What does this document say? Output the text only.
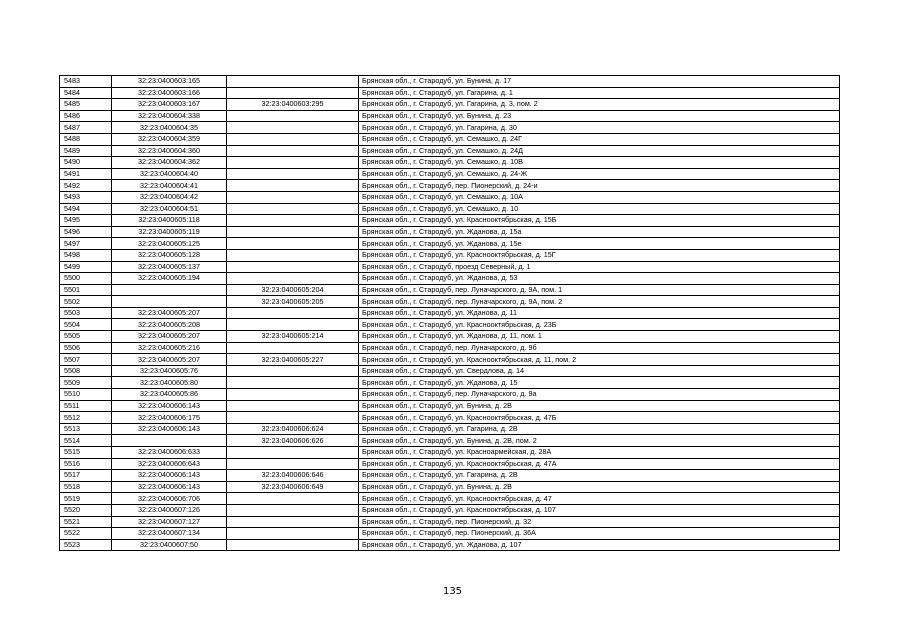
5483	32:23:0400603:165		Брянская обл., г. Стародуб, ул. Бунина, д. 17
5484	32:23:0400603:166		Брянская обл., г. Стародуб, ул. Гагарина, д. 1
5485	32:23:0400603:167	32:23:0400603:295	Брянская обл., г. Стародуб, ул. Гагарина, д. 3, пом. 2
5486	32:23:0400604:338		Брянская обл., г. Стародуб, ул. Бунина, д. 23
5487	32:23:0400604:35		Брянская обл., г. Стародуб, ул. Гагарина, д. 30
5488	32:23:0400604:359		Брянская обл., г. Стародуб, ул. Семашко, д. 24Г
5489	32:23:0400604:360		Брянская обл., г. Стародуб, ул. Семашко, д. 24Д
5490	32:23:0400604:362		Брянская обл., г. Стародуб, ул. Семашко, д. 10В
5491	32:23:0400604:40		Брянская обл., г. Стародуб, ул. Семашко, д. 24-Ж
5492	32:23:0400604:41		Брянская обл., г. Стародуб, пер. Пионерский, д. 24-и
5493	32:23:0400604:42		Брянская обл., г. Стародуб, ул. Семашко, д. 10А
5494	32:23:0400604:51		Брянская обл., г. Стародуб, ул. Семашко, д. 10
5495	32:23:0400605:118		Брянская обл., г. Стародуб, ул. Краснооктябрьская, д. 15Б
5496	32:23:0400605:119		Брянская обл., г. Стародуб, ул. Жданова, д. 15а
5497	32:23:0400605:125		Брянская обл., г. Стародуб, ул. Жданова, д. 15е
5498	32:23:0400605:128		Брянская обл., г. Стародуб, ул. Краснооктябрьская, д. 15Г
5499	32:23:0400605:137		Брянская обл., г. Стародуб, проезд Северный, д. 1
5500	32:23:0400605:194		Брянская обл., г. Стародуб, ул. Жданова, д. 53
5501		32:23:0400605:204	Брянская обл., г. Стародуб, пер. Луначарского, д. 9А, пом. 1
5502		32:23:0400605:205	Брянская обл., г. Стародуб, пер. Луначарского, д. 9А, пом. 2
5503	32:23:0400605:207		Брянская обл., г. Стародуб, ул. Жданова, д. 11
5504	32:23:0400605:208		Брянская обл., г. Стародуб, ул. Краснооктябрьская, д. 23Б
5505	32:23:0400605:207	32:23:0400605:214	Брянская обл., г. Стародуб, ул. Жданова, д. 11, пом. 1
5506	32:23:0400605:216		Брянская обл., г. Стародуб, пер. Луначарского, д. 9б
5507	32:23:0400605:207	32:23:0400605:227	Брянская обл., г. Стародуб, ул. Краснооктябрьская, д. 11, пом. 2
5508	32:23:0400605:76		Брянская обл., г. Стародуб, ул. Свердлова, д. 14
5509	32:23:0400605:80		Брянская обл., г. Стародуб, ул. Жданова, д. 15
5510	32:23:0400605:86		Брянская обл., г. Стародуб, пер. Луначарского, д. 9а
5511	32:23:0400606:143		Брянская обл., г. Стародуб, ул. Бунина, д. 2В
5512	32:23:0400606:175		Брянская обл., г. Стародуб, ул. Краснооктябрьская, д. 47Б
5513	32:23:0400606:143	32:23:0400606:624	Брянская обл., г. Стародуб, ул. Гагарина, д. 2В
5514		32:23:0400606:626	Брянская обл., г. Стародуб, ул. Бунина, д. 2В, пом. 2
5515	32:23:0400606:633		Брянская обл., г. Стародуб, ул. Красноармейская, д. 28А
5516	32:23:0400606:643		Брянская обл., г. Стародуб, ул. Краснооктябрьская, д. 47А
5517	32:23:0400606:143	32:23:0400606:646	Брянская обл., г. Стародуб, ул. Гагарина, д. 2В
5518	32:23:0400606:143	32:23:0400606:649	Брянская обл., г. Стародуб, ул. Бунина, д. 2В
5519	32:23:0400606:706		Брянская обл., г. Стародуб, ул. Краснооктябрьская, д. 47
5520	32:23:0400607:126		Брянская обл., г. Стародуб, ул. Краснооктябрьская, д. 107
5521	32:23:0400607:127		Брянская обл., г. Стародуб, пер. Пионерский, д. 32
5522	32:23:0400607:134		Брянская обл., г. Стародуб, пер. Пионерский, д. 36А
5523	32:23:0400607:50		Брянская обл., г. Стародуб, ул. Жданова, д. 107
135
